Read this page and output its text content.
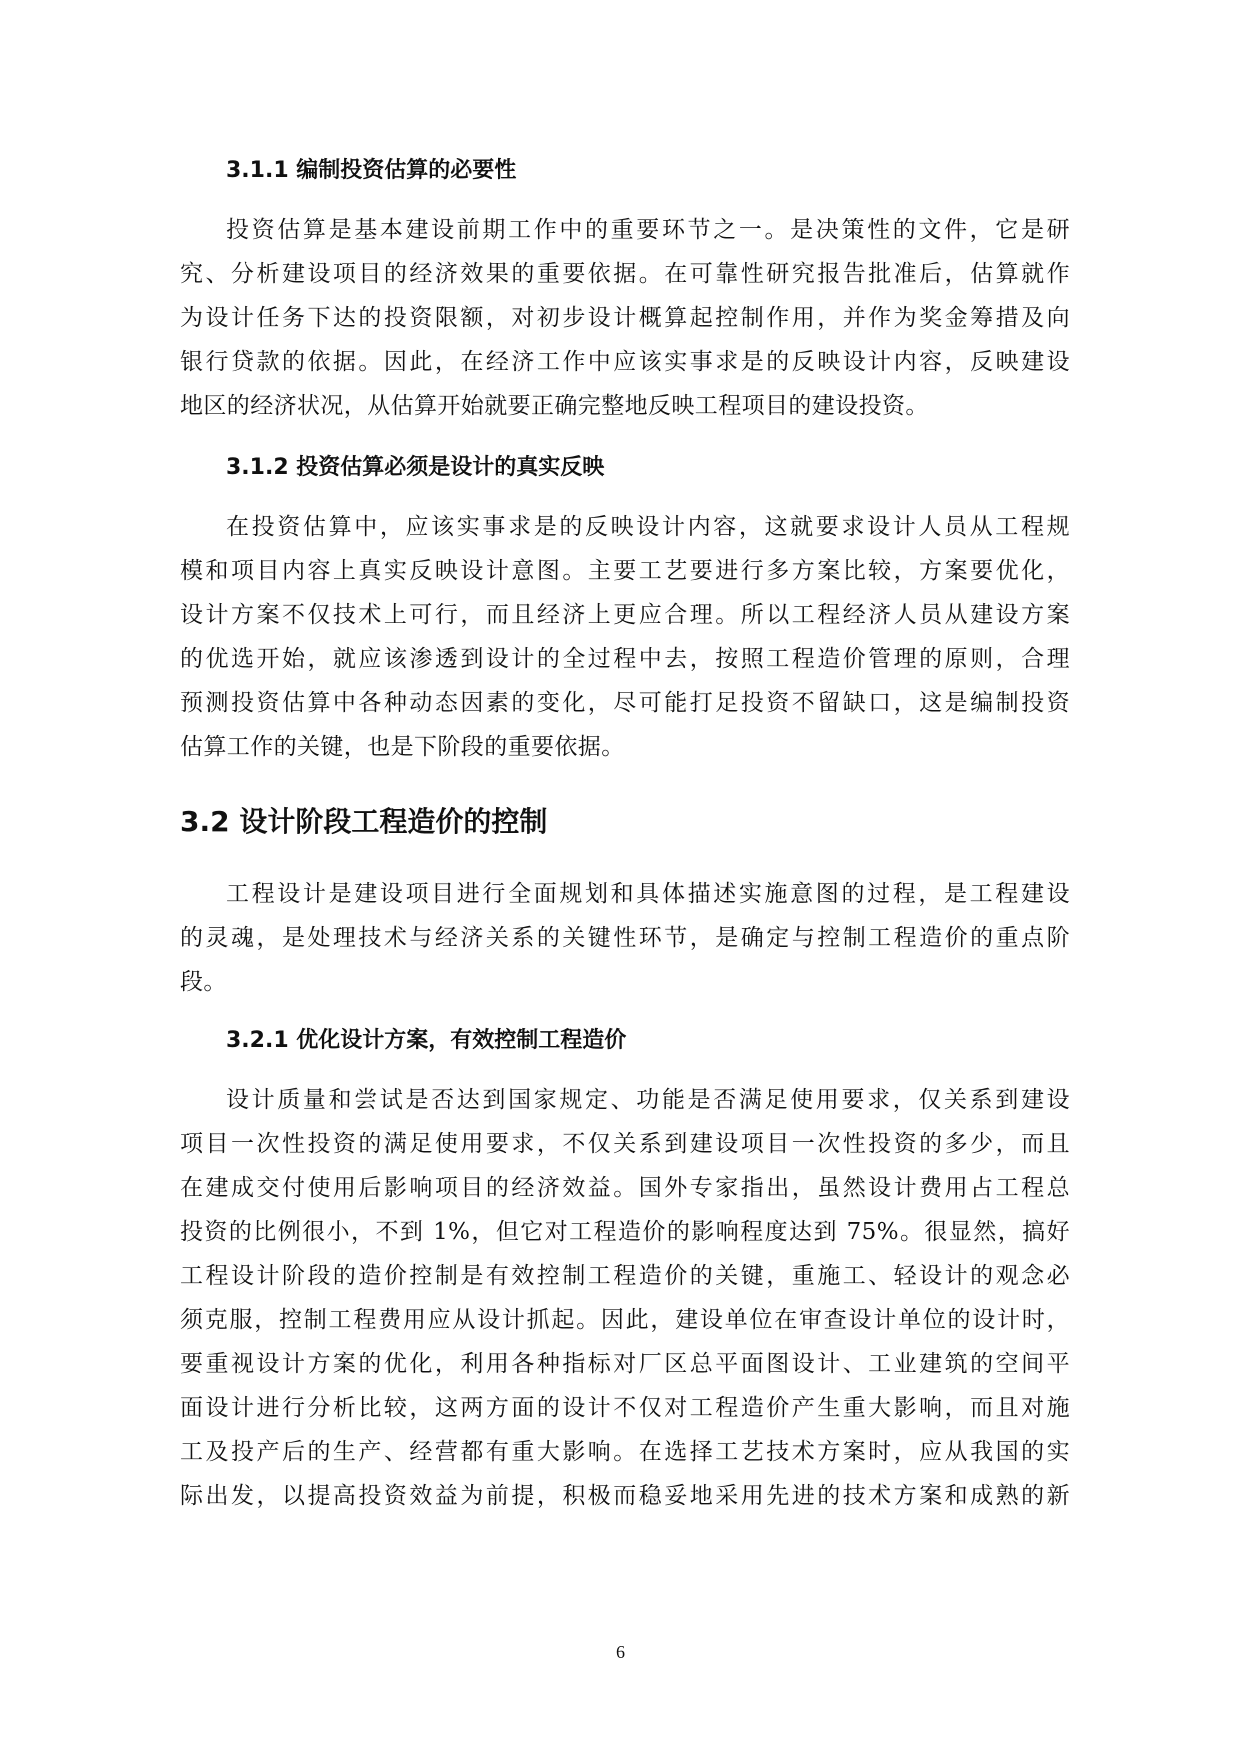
3.1.1 编制投资估算的必要性
投资估算是基本建设前期工作中的重要环节之一。是决策性的文件，它是研
究、分析建设项目的经济效果的重要依据。在可靠性研究报告批准后，估算就作
为设计任务下达的投资限额，对初步设计概算起控制作用，并作为奖金筹措及向
银行贷款的依据。因此，在经济工作中应该实事求是的反映设计内容，反映建设
地区的经济状况，从估算开始就要正确完整地反映工程项目的建设投资。
3.1.2 投资估算必须是设计的真实反映
在投资估算中，应该实事求是的反映设计内容，这就要求设计人员从工程规
模和项目内容上真实反映设计意图。主要工艺要进行多方案比较，方案要优化，
设计方案不仅技术上可行，而且经济上更应合理。所以工程经济人员从建设方案
的优选开始，就应该渗透到设计的全过程中去，按照工程造价管理的原则，合理
预测投资估算中各种动态因素的变化，尽可能打足投资不留缺口，这是编制投资
估算工作的关键，也是下阶段的重要依据。
3.2 设计阶段工程造价的控制
工程设计是建设项目进行全面规划和具体描述实施意图的过程，是工程建设
的灵魂，是处理技术与经济关系的关键性环节，是确定与控制工程造价的重点阶
段。
3.2.1 优化设计方案，有效控制工程造价
设计质量和尝试是否达到国家规定、功能是否满足使用要求，仅关系到建设
项目一次性投资的满足使用要求，不仅关系到建设项目一次性投资的多少，而且
在建成交付使用后影响项目的经济效益。国外专家指出，虽然设计费用占工程总
投资的比例很小，不到 1%，但它对工程造价的影响程度达到 75%。很显然，搞好
工程设计阶段的造价控制是有效控制工程造价的关键，重施工、轻设计的观念必
须克服，控制工程费用应从设计抓起。因此，建设单位在审查设计单位的设计时，
要重视设计方案的优化，利用各种指标对厂区总平面图设计、工业建筑的空间平
面设计进行分析比较，这两方面的设计不仅对工程造价产生重大影响，而且对施
工及投产后的生产、经营都有重大影响。在选择工艺技术方案时，应从我国的实
际出发，以提高投资效益为前提，积极而稳妥地采用先进的技术方案和成熟的新
6
